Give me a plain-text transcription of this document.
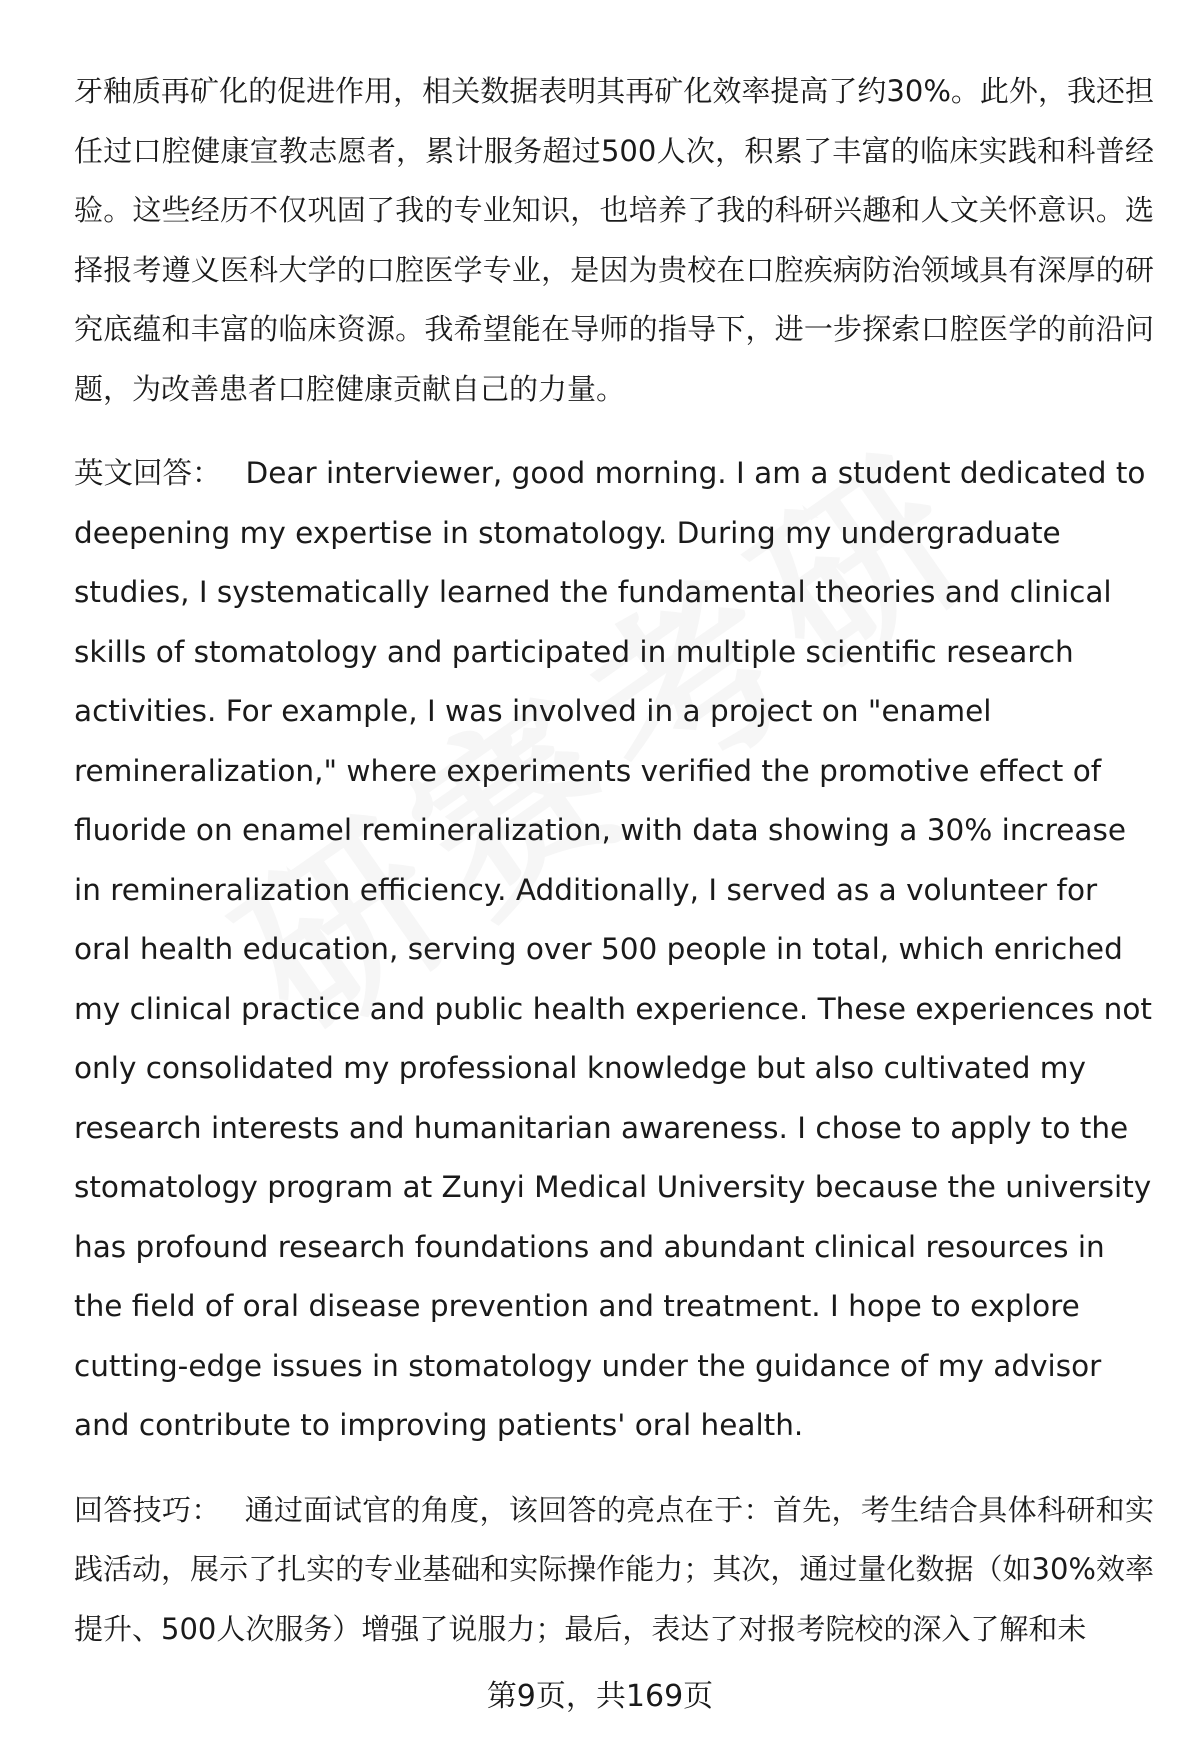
牙釉质再矿化的促进作用，相关数据表明其再矿化效率提高了约30%。此外，我还担任过口腔健康宣教志愿者，累计服务超过500人次，积累了丰富的临床实践和科普经验。这些经历不仅巩固了我的专业知识，也培养了我的科研兴趣和人文关怀意识。选择报考遵义医科大学的口腔医学专业，是因为贵校在口腔疾病防治领域具有深厚的研究底蕴和丰富的临床资源。我希望能在导师的指导下，进一步探索口腔医学的前沿问题，为改善患者口腔健康贡献自己的力量。

英文回答： Dear interviewer, good morning. I am a student dedicated to deepening my expertise in stomatology. During my undergraduate studies, I systematically learned the fundamental theories and clinical skills of stomatology and participated in multiple scientific research activities. For example, I was involved in a project on "enamel remineralization," where experiments verified the promotive effect of fluoride on enamel remineralization, with data showing a 30% increase in remineralization efficiency. Additionally, I served as a volunteer for oral health education, serving over 500 people in total, which enriched my clinical practice and public health experience. These experiences not only consolidated my professional knowledge but also cultivated my research interests and humanitarian awareness. I chose to apply to the stomatology program at Zunyi Medical University because the university has profound research foundations and abundant clinical resources in the field of oral disease prevention and treatment. I hope to explore cutting-edge issues in stomatology under the guidance of my advisor and contribute to improving patients' oral health.

回答技巧： 通过面试官的角度，该回答的亮点在于：首先，考生结合具体科研和实践活动，展示了扎实的专业基础和实际操作能力；其次，通过量化数据（如30%效率提升、500人次服务）增强了说服力；最后，表达了对报考院校的深入了解和未

第9页，共169页
